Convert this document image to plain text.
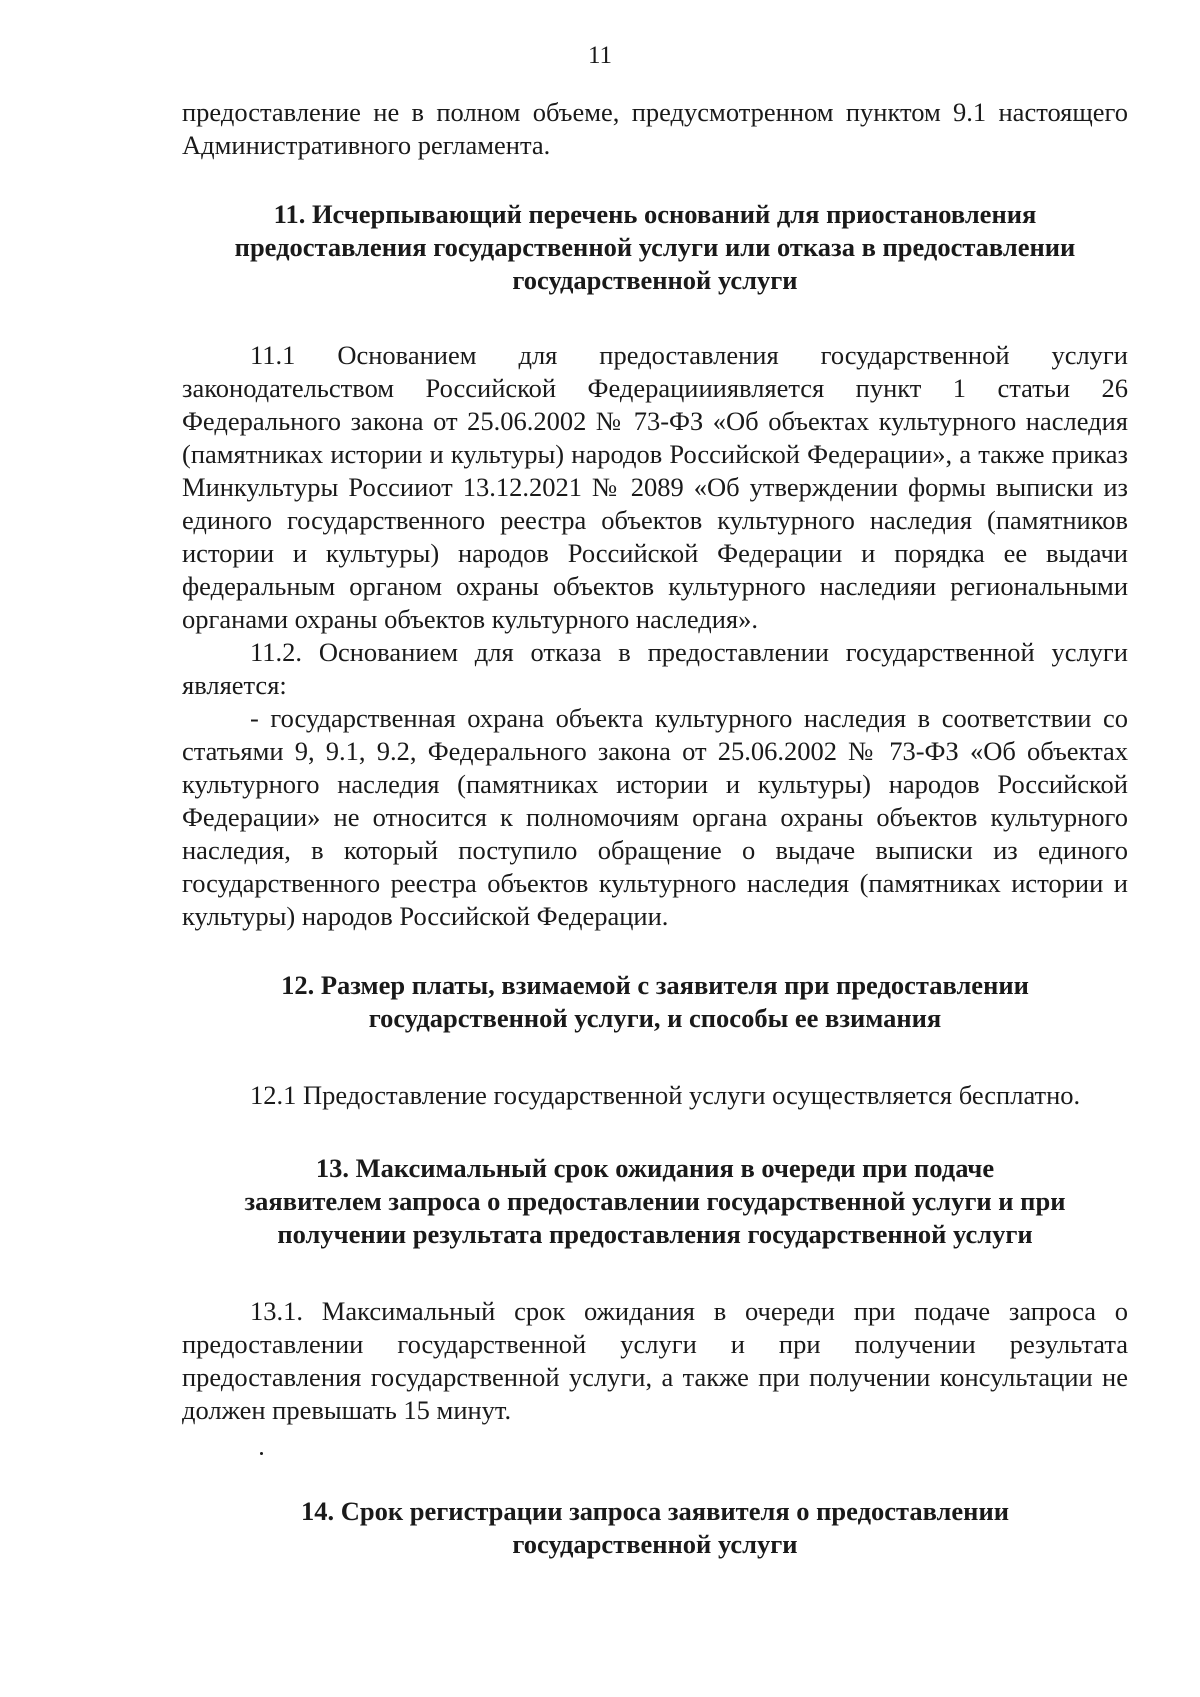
11

предоставление не в полном объеме, предусмотренном пунктом 9.1 настоящего Административного регламента.

11. Исчерпывающий перечень оснований для приостановления
предоставления государственной услуги или отказа в предоставлении
государственной услуги

11.1 Основанием для предоставления государственной услуги законодательством Российской Федерациииявляется пункт 1 статьи 26 Федерального закона от 25.06.2002 № 73-ФЗ «Об объектах культурного наследия (памятниках истории и культуры) народов Российской Федерации», а также приказ Минкультуры Россииот 13.12.2021 № 2089 «Об утверждении формы выписки из единого государственного реестра объектов культурного наследия (памятников истории и культуры) народов Российской Федерации и порядка ее выдачи федеральным органом охраны объектов культурного наследияи региональными органами охраны объектов культурного наследия».

11.2. Основанием для отказа в предоставлении государственной услуги является:

- государственная охрана объекта культурного наследия в соответствии со статьями 9, 9.1, 9.2, Федерального закона от 25.06.2002 № 73-ФЗ «Об объектах культурного наследия (памятниках истории и культуры) народов Российской Федерации» не относится к полномочиям органа охраны объектов культурного наследия, в который поступило обращение о выдаче выписки из единого государственного реестра объектов культурного наследия (памятниках истории и культуры) народов Российской Федерации.

12. Размер платы, взимаемой с заявителя при предоставлении
государственной услуги, и способы ее взимания

12.1 Предоставление государственной услуги осуществляется бесплатно.

13. Максимальный срок ожидания в очереди при подаче
заявителем запроса о предоставлении государственной услуги и при
получении результата предоставления государственной услуги

13.1. Максимальный срок ожидания в очереди при подаче запроса о предоставлении государственной услуги и при получении результата предоставления государственной услуги, а также при получении консультации не должен превышать 15 минут.

14. Срок регистрации запроса заявителя о предоставлении
государственной услуги
